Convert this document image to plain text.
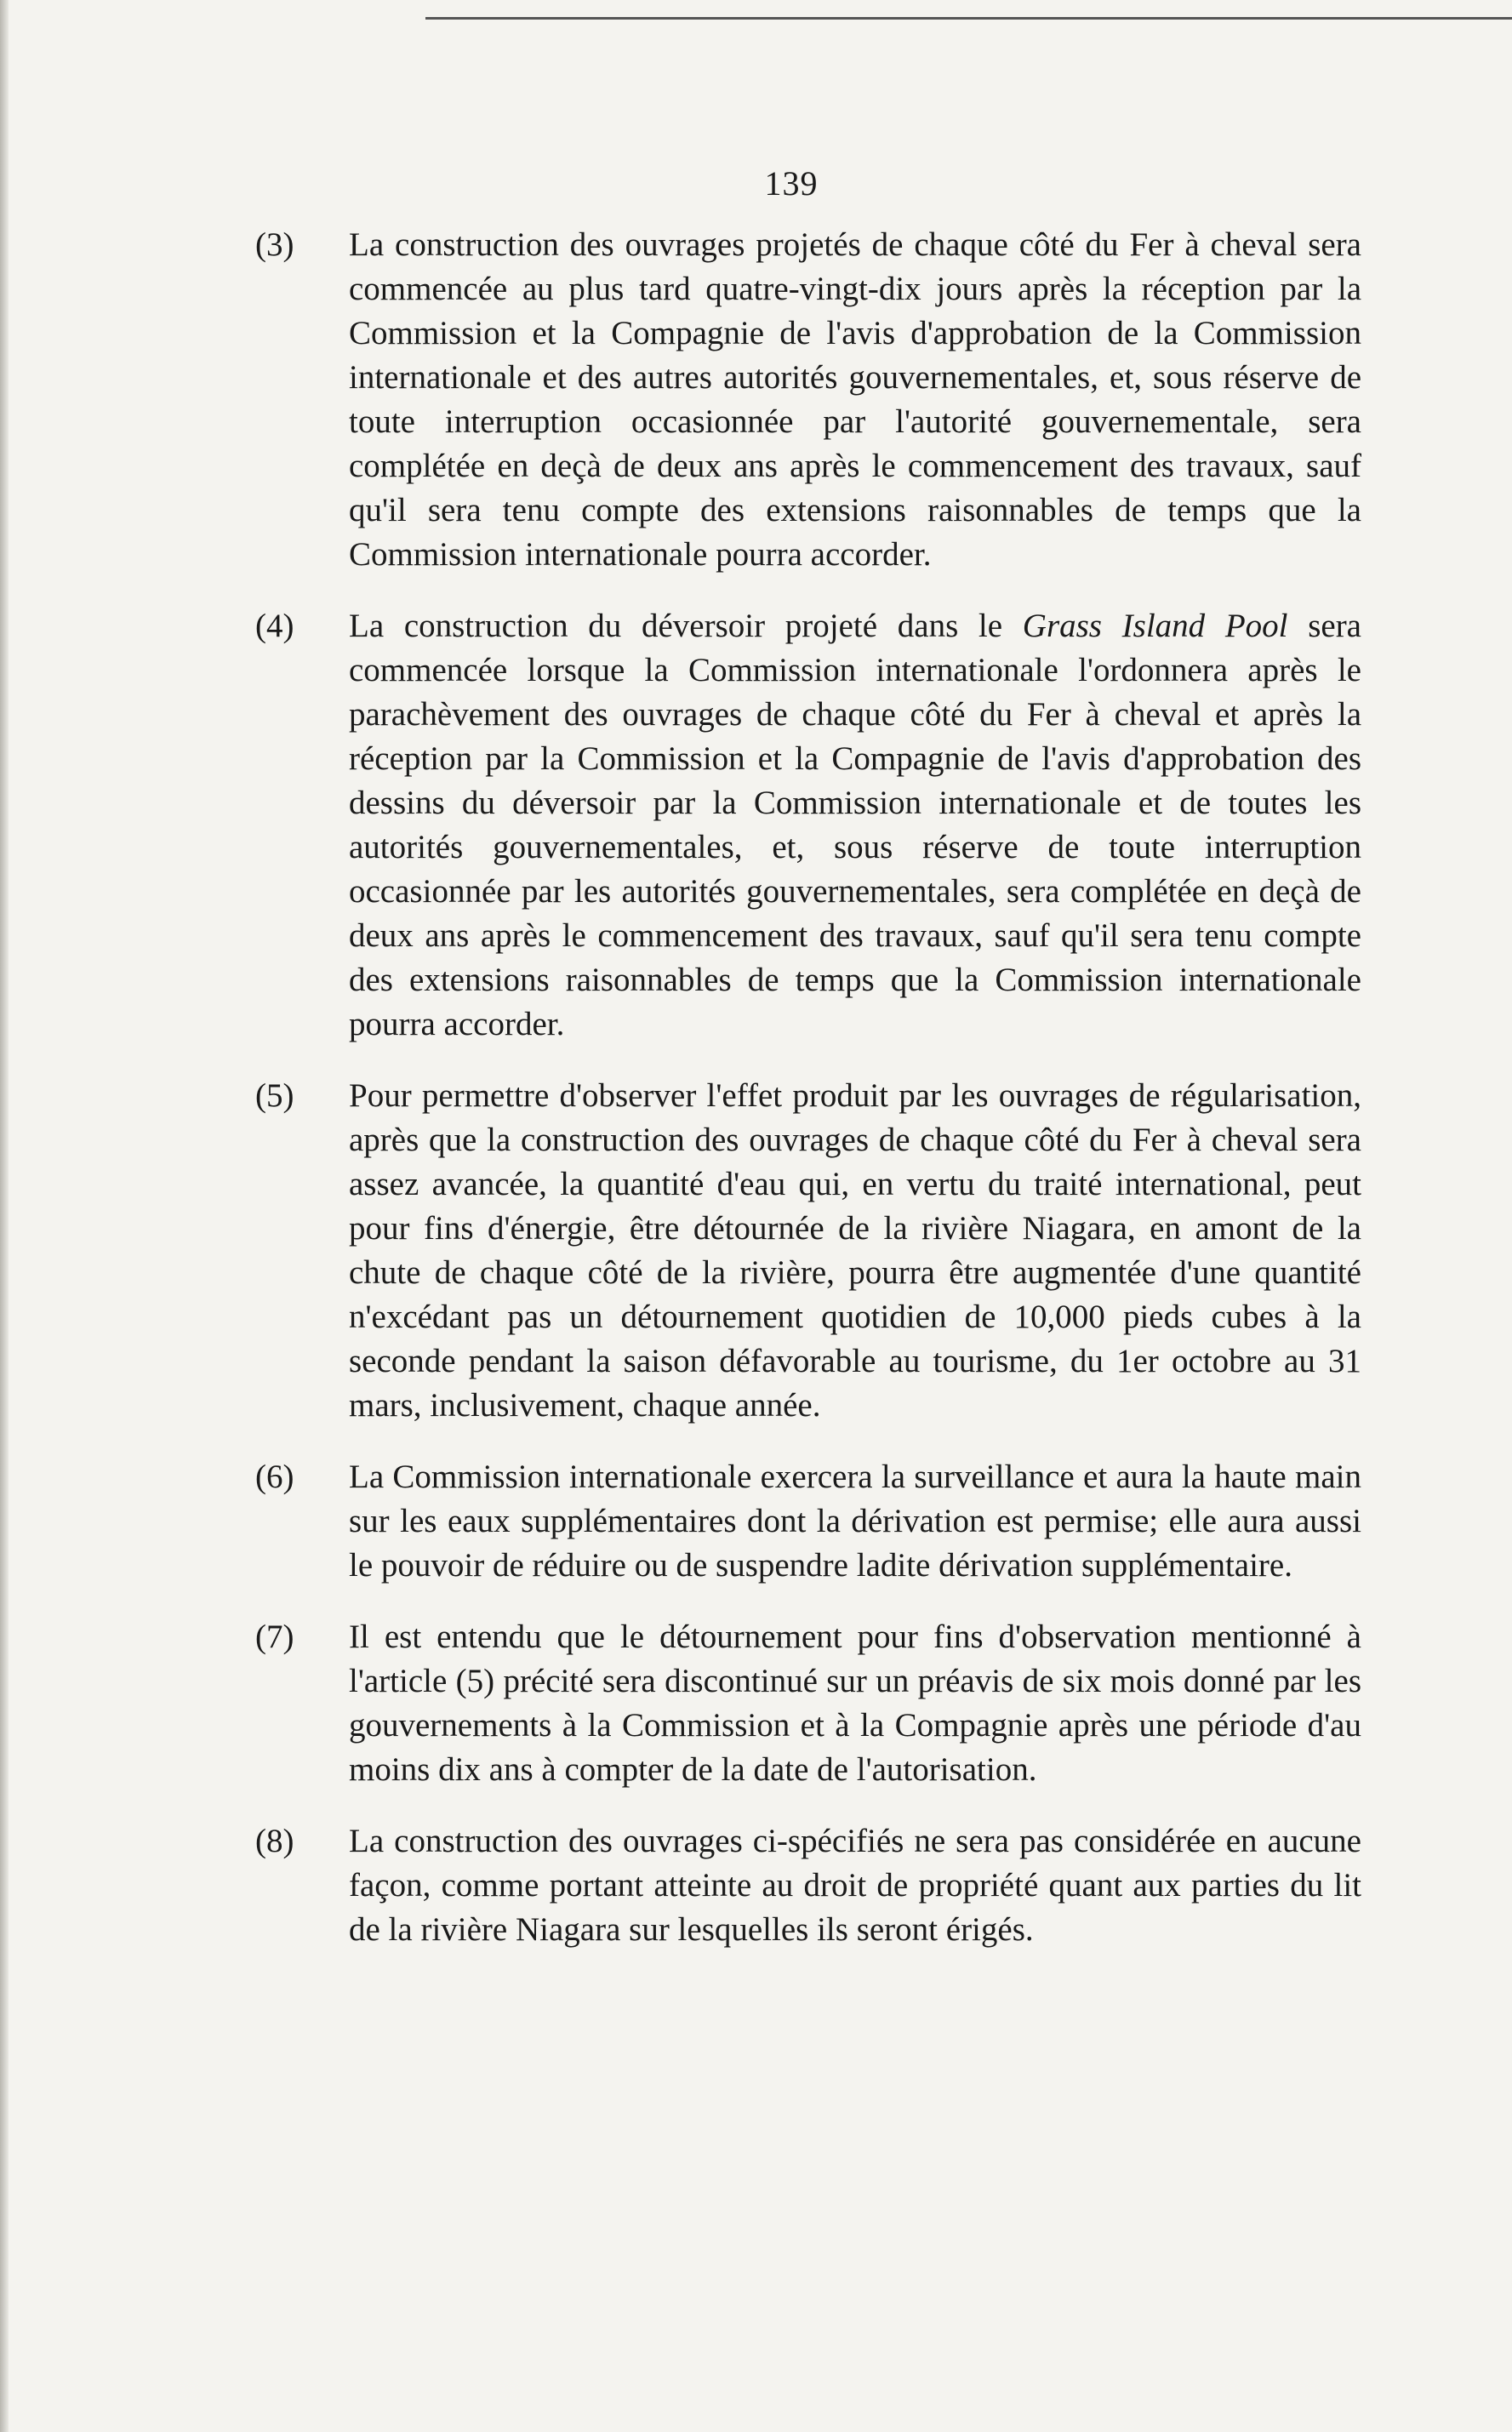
139
(3)	La construction des ouvrages projetés de chaque côté du Fer à cheval sera commencée au plus tard quatre-vingt-dix jours après la réception par la Commission et la Compagnie de l'avis d'approbation de la Commission internationale et des autres autorités gouvernementales, et, sous réserve de toute interruption occasionnée par l'autorité gouvernementale, sera complétée en deçà de deux ans après le commencement des travaux, sauf qu'il sera tenu compte des extensions raisonnables de temps que la Commission internationale pourra accorder.
(4)	La construction du déversoir projeté dans le Grass Island Pool sera commencée lorsque la Commission internationale l'ordonnera après le parachèvement des ouvrages de chaque côté du Fer à cheval et après la réception par la Commission et la Compagnie de l'avis d'approbation des dessins du déversoir par la Commission internationale et de toutes les autorités gouvernementales, et, sous réserve de toute interruption occasionnée par les autorités gouvernementales, sera complétée en deçà de deux ans après le commencement des travaux, sauf qu'il sera tenu compte des extensions raisonnables de temps que la Commission internationale pourra accorder.
(5)	Pour permettre d'observer l'effet produit par les ouvrages de régularisation, après que la construction des ouvrages de chaque côté du Fer à cheval sera assez avancée, la quantité d'eau qui, en vertu du traité international, peut pour fins d'énergie, être détournée de la rivière Niagara, en amont de la chute de chaque côté de la rivière, pourra être augmentée d'une quantité n'excédant pas un détournement quotidien de 10,000 pieds cubes à la seconde pendant la saison défavorable au tourisme, du 1er octobre au 31 mars, inclusivement, chaque année.
(6)	La Commission internationale exercera la surveillance et aura la haute main sur les eaux supplémentaires dont la dérivation est permise; elle aura aussi le pouvoir de réduire ou de suspendre ladite dérivation supplémentaire.
(7)	Il est entendu que le détournement pour fins d'observation mentionné à l'article (5) précité sera discontinué sur un préavis de six mois donné par les gouvernements à la Commission et à la Compagnie après une période d'au moins dix ans à compter de la date de l'autorisation.
(8)	La construction des ouvrages ci-spécifiés ne sera pas considérée en aucune façon, comme portant atteinte au droit de propriété quant aux parties du lit de la rivière Niagara sur lesquelles ils seront érigés.
